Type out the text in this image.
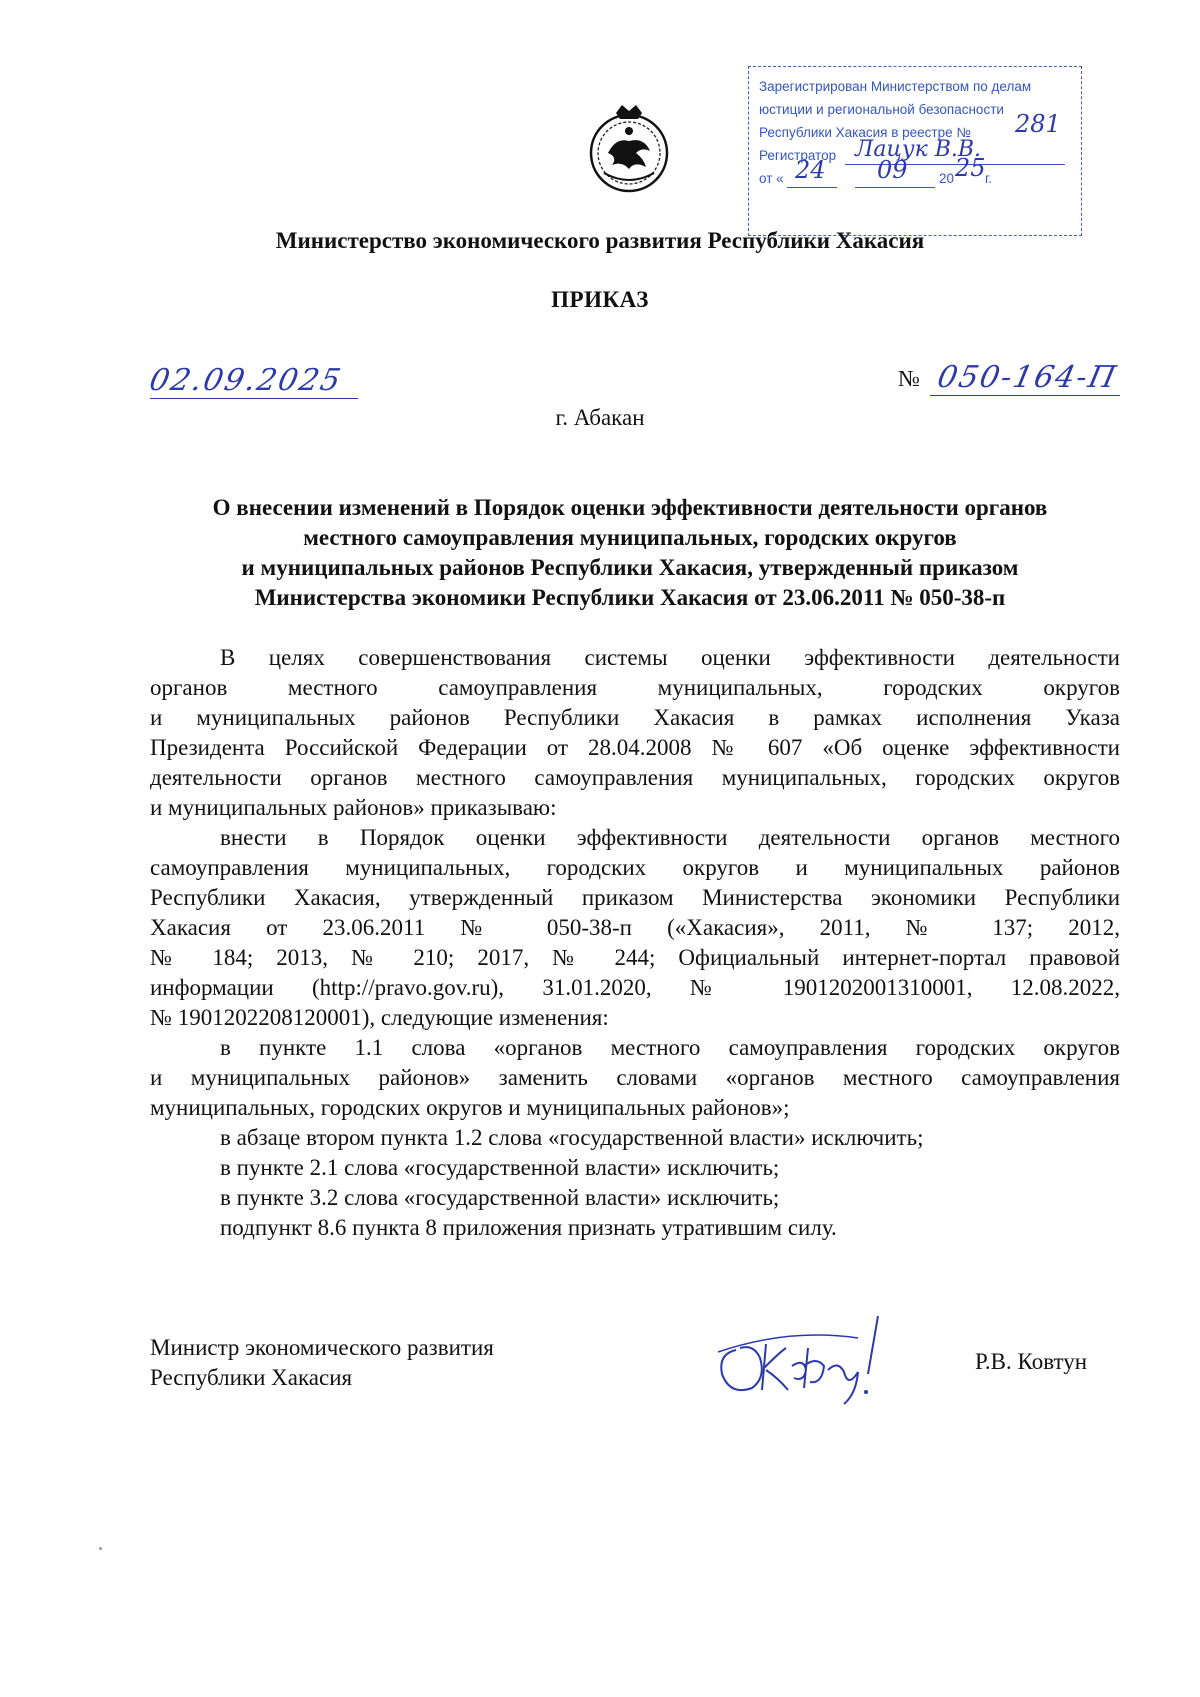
Зарегистрирован Министерством по делам
юстиции и региональной безопасности
Республики Хакасия в реестре № 281
Регистратор Лацук В.В.
от « 24 09 20 25 г.
Министерство экономического развития Республики Хакасия
ПРИКАЗ
02.09.2025	№ 050-164-П
г. Абакан
О внесении изменений в Порядок оценки эффективности деятельности органов
местного самоуправления муниципальных, городских округов
и муниципальных районов Республики Хакасия, утвержденный приказом
Министерства экономики Республики Хакасия от 23.06.2011 № 050-38-п
В целях совершенствования системы оценки эффективности деятельности
органов местного самоуправления муниципальных, городских округов
и муниципальных районов Республики Хакасия в рамках исполнения Указа
Президента Российской Федерации от 28.04.2008 № 607 «Об оценке эффективности
деятельности органов местного самоуправления муниципальных, городских округов
и муниципальных районов» приказываю:
внести в Порядок оценки эффективности деятельности органов местного
самоуправления муниципальных, городских округов и муниципальных районов
Республики Хакасия, утвержденный приказом Министерства экономики Республики
Хакасия от 23.06.2011 № 050-38-п («Хакасия», 2011, № 137; 2012,
№ 184; 2013, № 210; 2017, № 244; Официальный интернет-портал правовой
информации (http://pravo.gov.ru), 31.01.2020, № 1901202001310001, 12.08.2022,
№ 1901202208120001), следующие изменения:
в пункте 1.1 слова «органов местного самоуправления городских округов
и муниципальных районов» заменить словами «органов местного самоуправления
муниципальных, городских округов и муниципальных районов»;
в абзаце втором пункта 1.2 слова «государственной власти» исключить;
в пункте 2.1 слова «государственной власти» исключить;
в пункте 3.2 слова «государственной власти» исключить;
подпункт 8.6 пункта 8 приложения признать утратившим силу.
Министр экономического развития
Республики Хакасия
Р.В. Ковтун
